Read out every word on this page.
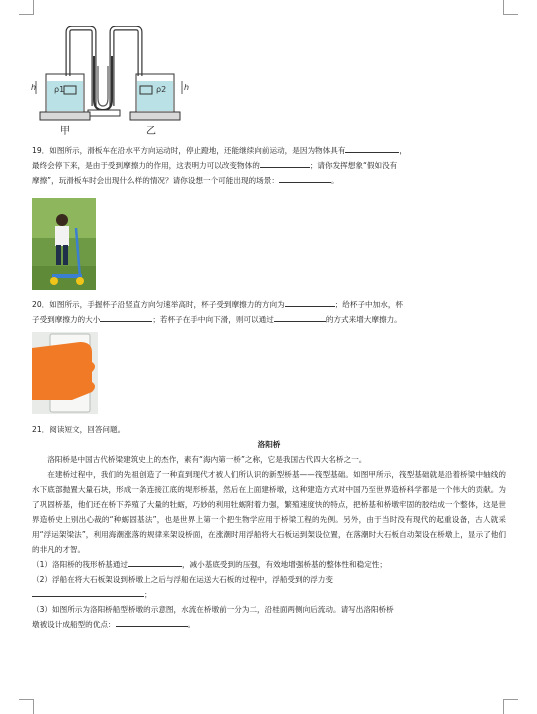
ρ1
h	ρ2 h
甲	乙
19．如图所示，滑板车在沿水平方向运动时，停止蹬地，还能继续向前运动，是因为物体具有	，
最终会停下来，是由于受到摩擦力的作用，这表明力可以改变物体的	；请你发挥想象“假如没有
摩擦”，玩滑板车时会出现什么样的情况？请你设想一个可能出现的场景：	。
20．如图所示，手握杯子沿竖直方向匀速举高时，杯子受到摩擦力的方向为	；给杯子中加水，杯
子受到摩擦力的大小	；若杯子在手中向下滑，则可以通过	的方式来增大摩擦力。
21．阅读短文，回答问题。
洛阳桥
洛阳桥是中国古代桥梁建筑史上的杰作，素有“海内第一桥”之称，它是我国古代四大名桥之一。
在建桥过程中，我们的先祖创造了一种直到现代才被人们所认识的新型桥基——筏型基础。如图甲所示，筏型基础就是沿着桥梁中轴线的水下底部抛置大量石块，形成一条连接江底的堤形桥基，然后在上面建桥墩，这种建造方式对中国乃至世界造桥科学都是一个伟大的贡献。为了巩固桥基，他们还在桥下养殖了大量的牡蛎，巧妙的利用牡蛎附着力强，繁殖速度快的特点，把桥基和桥墩牢固的胶结成一个整体，这是世界造桥史上别出心裁的“种蛎固基法”，也是世界上第一个把生物学应用于桥梁工程的先例。另外，由于当时没有现代的起重设备，古人就采用“浮运架梁法”，利用海潮涨落的规律来架设桥面，在涨潮时用浮船将大石板运到架设位置，在落潮时大石板自动架设在桥墩上，显示了他们的非凡的才智。
（1）洛阳桥的筏形桥基通过	，减小基底受到的压强，有效地增强桥基的整体性和稳定性；
（2）浮船在将大石板架设到桥墩上之后与浮船在运送大石板的过程中，浮船受到的浮力变
；
（3）如图所示为洛阳桥船型桥墩的示意图，水流在桥墩前一分为二，沿桂面两侧向后流动。请写出洛阳桥桥
墩被设计成船型的优点：	。
